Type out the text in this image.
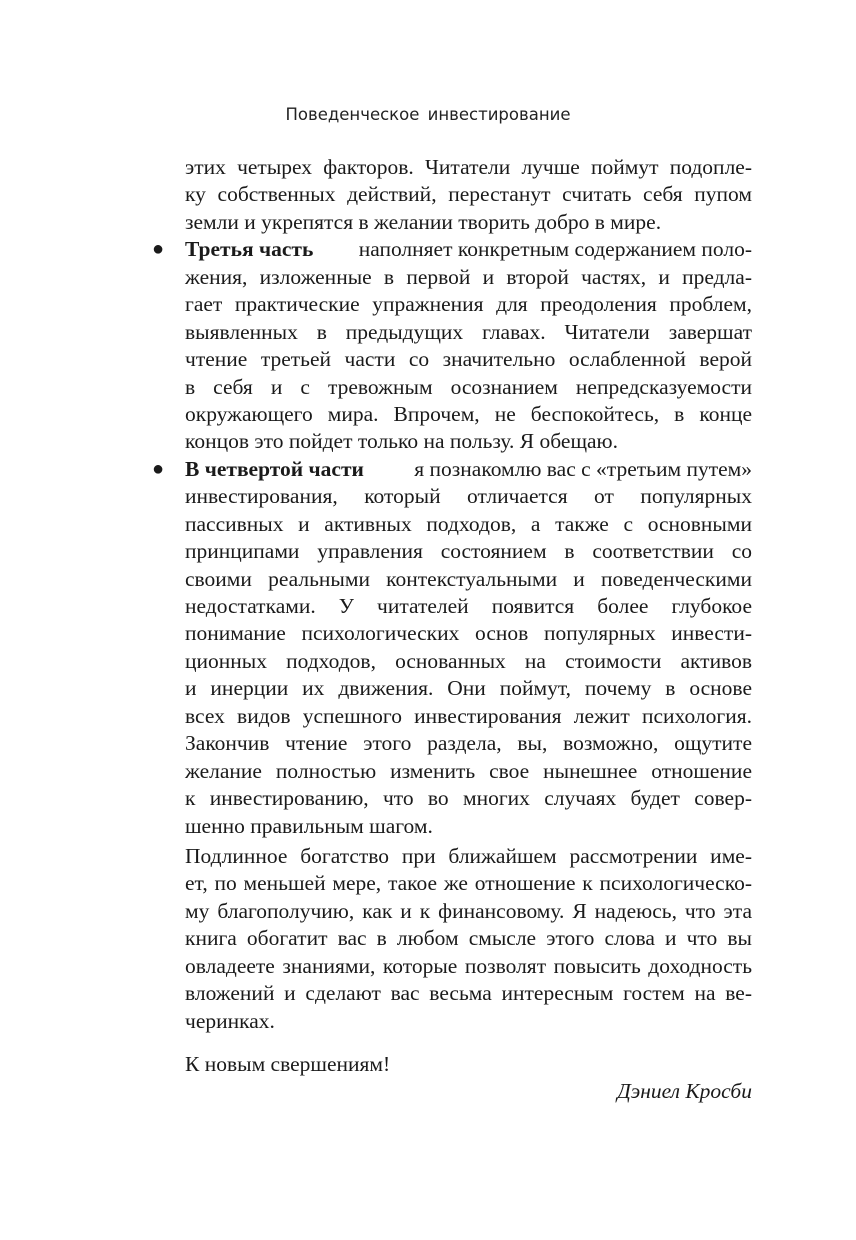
Поведенческое инвестирование
этих четырех факторов. Читатели лучше поймут подопле-
ку собственных действий, перестанут считать себя пупом
земли и укрепятся в желании творить добро в мире.
● Третья часть наполняет конкретным содержанием поло-
жения, изложенные в первой и второй частях, и предла-
гает практические упражнения для преодоления проблем,
выявленных в предыдущих главах. Читатели завершат
чтение третьей части со значительно ослабленной верой
в себя и с тревожным осознанием непредсказуемости
окружающего мира. Впрочем, не беспокойтесь, в конце
концов это пойдет только на пользу. Я обещаю.
● В четвертой части я познакомлю вас с «третьим путем»
инвестирования, который отличается от популярных
пассивных и активных подходов, а также с основными
принципами управления состоянием в соответствии со
своими реальными контекстуальными и поведенческими
недостатками. У читателей появится более глубокое
понимание психологических основ популярных инвести-
ционных подходов, основанных на стоимости активов
и инерции их движения. Они поймут, почему в основе
всех видов успешного инвестирования лежит психология.
Закончив чтение этого раздела, вы, возможно, ощутите
желание полностью изменить свое нынешнее отношение
к инвестированию, что во многих случаях будет совер-
шенно правильным шагом.
Подлинное богатство при ближайшем рассмотрении име-
ет, по меньшей мере, такое же отношение к психологическо-
му благополучию, как и к финансовому. Я надеюсь, что эта
книга обогатит вас в любом смысле этого слова и что вы
овладеете знаниями, которые позволят повысить доходность
вложений и сделают вас весьма интересным гостем на ве-
черинках.
К новым свершениям!
Дэниел Кросби
